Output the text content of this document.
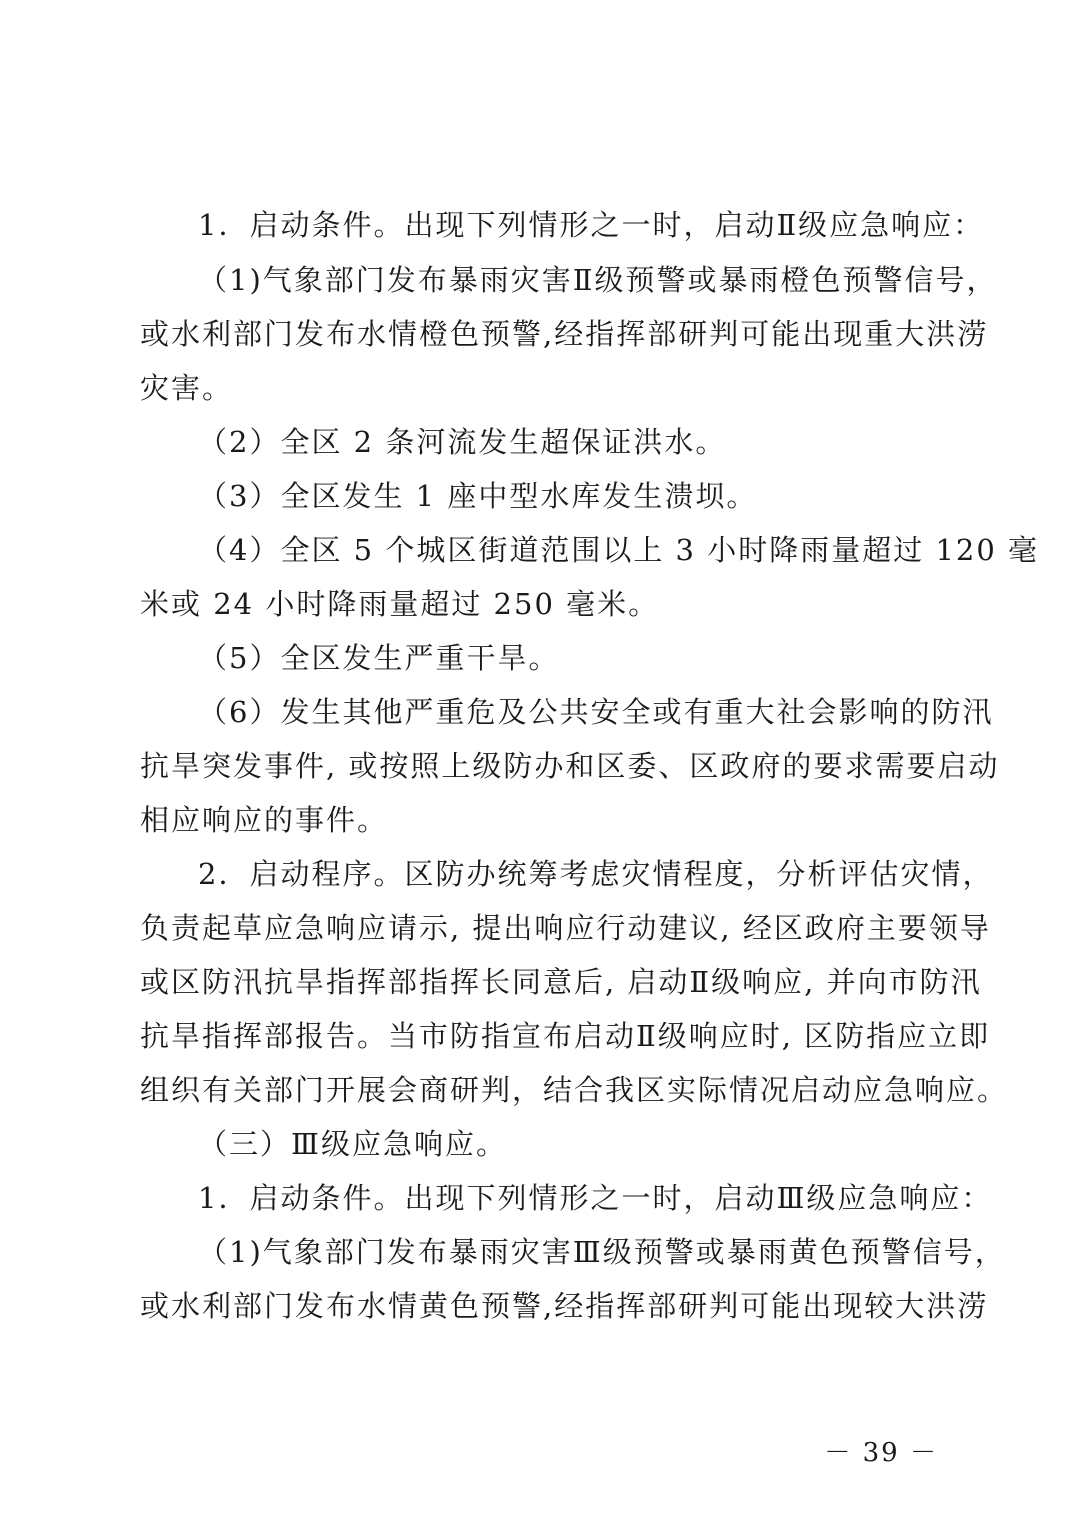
1．启动条件。出现下列情形之一时，启动Ⅱ级应急响应：
（1)气象部门发布暴雨灾害Ⅱ级预警或暴雨橙色预警信号，
或水利部门发布水情橙色预警,经指挥部研判可能出现重大洪涝
灾害。
（2）全区 2 条河流发生超保证洪水。
（3）全区发生 1 座中型水库发生溃坝。
（4）全区 5 个城区街道范围以上 3 小时降雨量超过 120 毫
米或 24 小时降雨量超过 250 毫米。
（5）全区发生严重干旱。
（6）发生其他严重危及公共安全或有重大社会影响的防汛
抗旱突发事件, 或按照上级防办和区委、区政府的要求需要启动
相应响应的事件。
2．启动程序。区防办统筹考虑灾情程度，分析评估灾情，
负责起草应急响应请示, 提出响应行动建议, 经区政府主要领导
或区防汛抗旱指挥部指挥长同意后, 启动Ⅱ级响应, 并向市防汛
抗旱指挥部报告。当市防指宣布启动Ⅱ级响应时, 区防指应立即
组织有关部门开展会商研判，结合我区实际情况启动应急响应。
（三）Ⅲ级应急响应。
1．启动条件。出现下列情形之一时，启动Ⅲ级应急响应：
（1)气象部门发布暴雨灾害Ⅲ级预警或暴雨黄色预警信号，
或水利部门发布水情黄色预警,经指挥部研判可能出现较大洪涝
－ 39 －
